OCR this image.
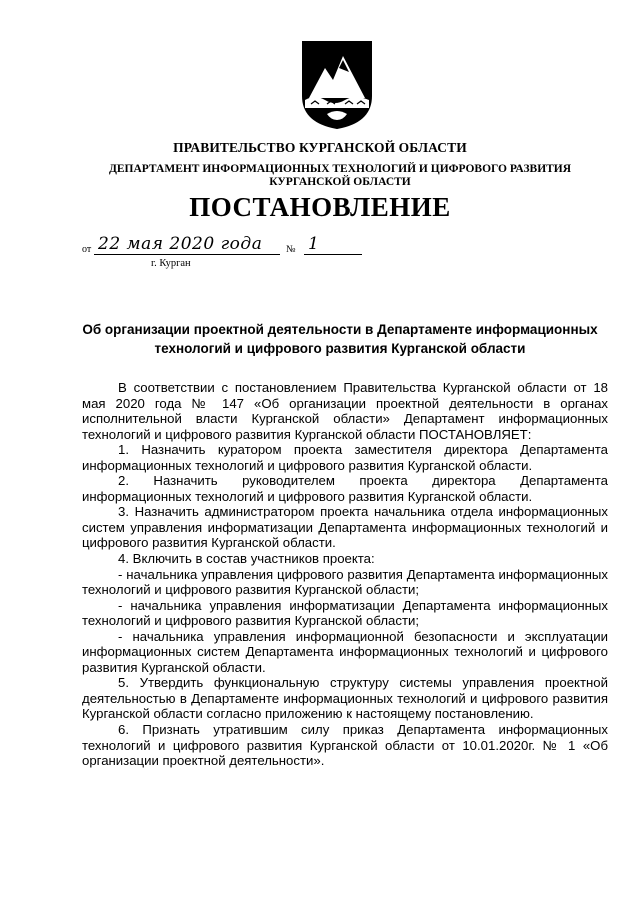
ПРАВИТЕЛЬСТВО КУРГАНСКОЙ ОБЛАСТИ
ДЕПАРТАМЕНТ ИНФОРМАЦИОННЫХ ТЕХНОЛОГИЙ И ЦИФРОВОГО РАЗВИТИЯ
КУРГАНСКОЙ ОБЛАСТИ
ПОСТАНОВЛЕНИЕ
от 22 мая 2020 года № 1
г. Курган
Об организации проектной деятельности в Департаменте информационных технологий и цифрового развития Курганской области

В соответствии с постановлением Правительства Курганской области от 18 мая 2020 года № 147 «Об организации проектной деятельности в органах исполнительной власти Курганской области» Департамент информационных технологий и цифрового развития Курганской области ПОСТАНОВЛЯЕТ:

1. Назначить куратором проекта заместителя директора Департамента информационных технологий и цифрового развития Курганской области.

2. Назначить руководителем проекта директора Департамента информационных технологий и цифрового развития Курганской области.

3. Назначить администратором проекта начальника отдела информационных систем управления информатизации Департамента информационных технологий и цифрового развития Курганской области.

4. Включить в состав участников проекта:

- начальника управления цифрового развития Департамента информационных технологий и цифрового развития Курганской области;

- начальника управления информатизации Департамента информационных технологий и цифрового развития Курганской области;

- начальника управления информационной безопасности и эксплуатации информационных систем Департамента информационных технологий и цифрового развития Курганской области.

5. Утвердить функциональную структуру системы управления проектной деятельностью в Департаменте информационных технологий и цифрового развития Курганской области согласно приложению к настоящему постановлению.

6. Признать утратившим силу приказ Департамента информационных технологий и цифрового развития Курганской области от 10.01.2020г. № 1 «Об организации проектной деятельности».
